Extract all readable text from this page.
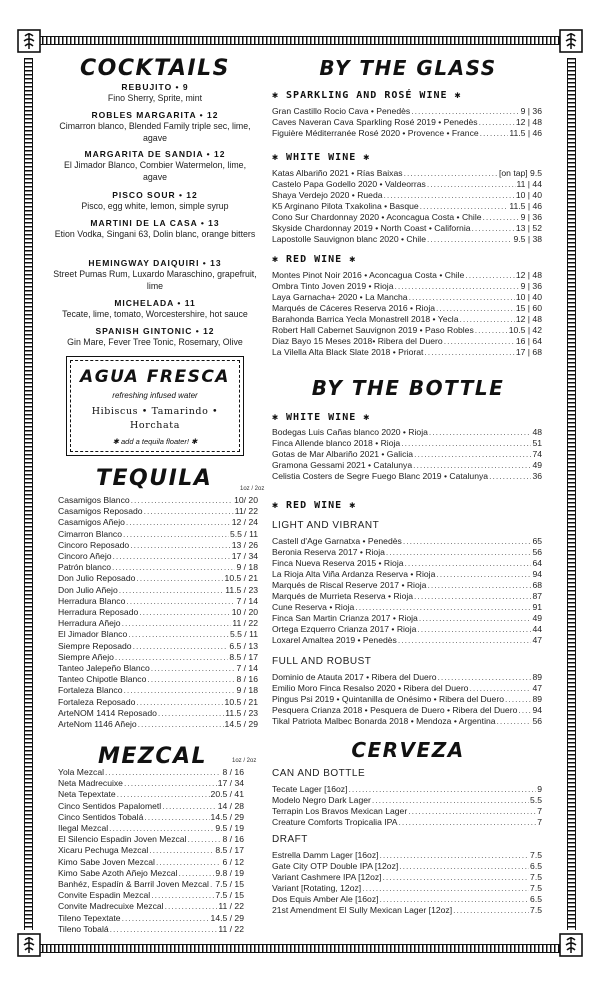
COCKTAILS
REBUJITO • 9
Fino Sherry, Sprite, mint
ROBLES MARGARITA • 12
Cimarron blanco, Blended Family triple sec, lime, agave
MARGARITA DE SANDIA • 12
El Jimador Blanco, Combier Watermelon, lime, agave
PISCO SOUR • 12
Pisco, egg white, lemon, simple syrup
MARTINI DE LA CASA • 13
Etion Vodka, Singani 63, Dolin blanc, orange bitters
HEMINGWAY DAIQUIRI • 13
Street Pumas Rum, Luxardo Maraschino, grapefruit, lime
MICHELADA • 11
Tecate, lime, tomato, Worcestershire, hot sauce
SPANISH GINTONIC • 12
Gin Mare, Fever Tree Tonic, Rosemary, Olive
AGUA FRESCA
refreshing infused water
Hibiscus • Tamarindo •
Horchata
✱ add a tequila floater! ✱
TEQUILA	1oz / 2oz
Casamigos Blanco .....	10/ 20
Casamigos Reposado .....	11/ 22
Casamigos Añejo .....	12 / 24
Cimarron Blanco .....	5.5 / 11
Cincoro Reposado .....	13 / 26
Cincoro Añejo .....	17 / 34
Patrón blanco .....	9 / 18
Don Julio Reposado .....	10.5 / 21
Don Julio Añejo .....	11.5 / 23
Herradura Blanco .....	7 / 14
Herradura Reposado .....	10 / 20
Herradura Añejo .....	11 / 22
El Jimador Blanco .....	5.5 / 11
Siempre Reposado .....	6.5 / 13
Siempre Añejo .....	8.5 / 17
Tanteo Jalepeño Blanco .....	7 / 14
Tanteo Chipotle Blanco .....	8 / 16
Fortaleza Blanco .....	9 / 18
Fortaleza Reposado .....	10.5 / 21
ArteNOM 1414 Reposado .....	11.5 / 23
ArteNom 1146 Añejo .....	14.5 / 29
MEZCAL	1oz / 2oz
Yola Mezcal .....	8 / 16
Neta Madrecuixe .....	17 / 34
Neta Tepextate .....	20.5 / 41
Cinco Sentidos Papalometl .....	14 / 28
Cinco Sentidos Tobalá .....	14.5 / 29
Ilegal Mezcal .....	9.5 / 19
El Silencio Espadin Joven Mezcal .....	8 / 16
Xicaru Pechuga Mezcal .....	8.5 / 17
Kimo Sabe Joven Mezcal .....	6 / 12
Kimo Sabe Azoth Añejo Mezcal .....	9.8 / 19
Banhéz, Espadín & Barril Joven Mezcal ..... 7.5 / 15
Convite Espadin Mezcal .....	7.5 / 15
Convite Madrecuixe Mezcal .....	11 / 22
Tileno Tepextate .....	14.5 / 29
Tileno Tobalá .....	11 / 22
BY THE GLASS
✱ SPARKLING AND ROSÉ WINE ✱
Gran Castillo Rocio Cava • Penedès .....	9 | 36
Caves Naveran Cava Sparkling Rosé 2019 • Penedès .....	12 | 48
Figuière Méditerranée Rosé 2020 • Provence • France .....	11.5 | 46
✱ WHITE WINE ✱
Katas Albariño 2021 • Rías Baixas .....	[on tap] 9.5
Castelo Papa Godello 2020 • Valdeorras .....	11 | 44
Shaya Verdejo 2020 • Rueda .....	10 | 40
K5 Arginano Pilota Txakolina • Basque .....	11.5 | 46
Cono Sur Chardonnay 2020 • Aconcagua Costa • Chile .....	9 | 36
Skyside Chardonnay 2019 • North Coast • California .....	13 | 52
Lapostolle Sauvignon blanc 2020 • Chile .....	9.5 | 38
✱ RED WINE ✱
Montes Pinot Noir 2016 • Aconcagua Costa • Chile .....	12 | 48
Ombra Tinto Joven 2019 • Rioja .....	9 | 36
Laya Garnacha+ 2020 • La Mancha .....	10 | 40
Marqués de Cáceres Reserva 2016 • Rioja .....	15 | 60
Barahonda Barrica Yecla Monastrell 2018 • Yecla .....	12 | 48
Robert Hall Cabernet Sauvignon 2019 • Paso Robles .....	10.5 | 42
Diaz Bayo 15 Meses 2018• Ribera del Duero .....	16 | 64
La Vilella Alta Black Slate 2018 • Priorat .....	17 | 68
BY THE BOTTLE
✱ WHITE WINE ✱
Bodegas Luis Cañas blanco 2020 • Rioja .....	48
Finca Allende blanco 2018 • Rioja .....	51
Gotas de Mar Albariño 2021 • Galicia .....	74
Gramona Gessami 2021 • Catalunya .....	49
Celistia Costers de Segre Fuego Blanc 2019 • Catalunya .....	36
✱ RED WINE ✱
LIGHT AND VIBRANT
Castell d'Age Garnatxa • Penedès .....	65
Beronia Reserva 2017 • Rioja .....	56
Finca Nueva Reserva 2015 • Rioja .....	64
La Rioja Alta Viña Ardanza Reserva • Rioja .....	94
Marqués de Riscal Reserve 2017 • Rioja .....	68
Marqués de Murrieta Reserva • Rioja .....	87
Cune Reserva • Rioja .....	91
Finca San Martin Crianza 2017 • Rioja .....	49
Ortega Ezquerro Crianza 2017 • Rioja .....	44
Loxarel Amaltea 2019 • Penedès .....	47
FULL AND ROBUST
Dominio de Atauta 2017 • Ribera del Duero .....	89
Emilio Moro Finca Resalso 2020 • Ribera del Duero .....	47
Pingus Psi 2019 • Quintanilla de Onésimo • Ribera del Duero .....	89
Pesquera Crianza 2018 • Pesquera de Duero • Ribera del Duero ..... 94
Tikal Patriota Malbec Bonarda 2018 • Mendoza • Argentina .....	56
CERVEZA
CAN AND BOTTLE
Tecate Lager [16oz] .....	9
Modelo Negro Dark Lager .....	5.5
Terrapin Los Bravos Mexican Lager .....	7
Creature Comforts Tropicalia IPA .....	7
DRAFT
Estrella Damm Lager [16oz] .....	7.5
Gate City OTP Double IPA [12oz] .....	6.5
Variant Cashmere IPA [12oz] .....	7.5
Variant [Rotating, 12oz] .....	7.5
Dos Equis Amber Ale [16oz] .....	6.5
21st Amendment El Sully Mexican Lager [12oz] .....	7.5
